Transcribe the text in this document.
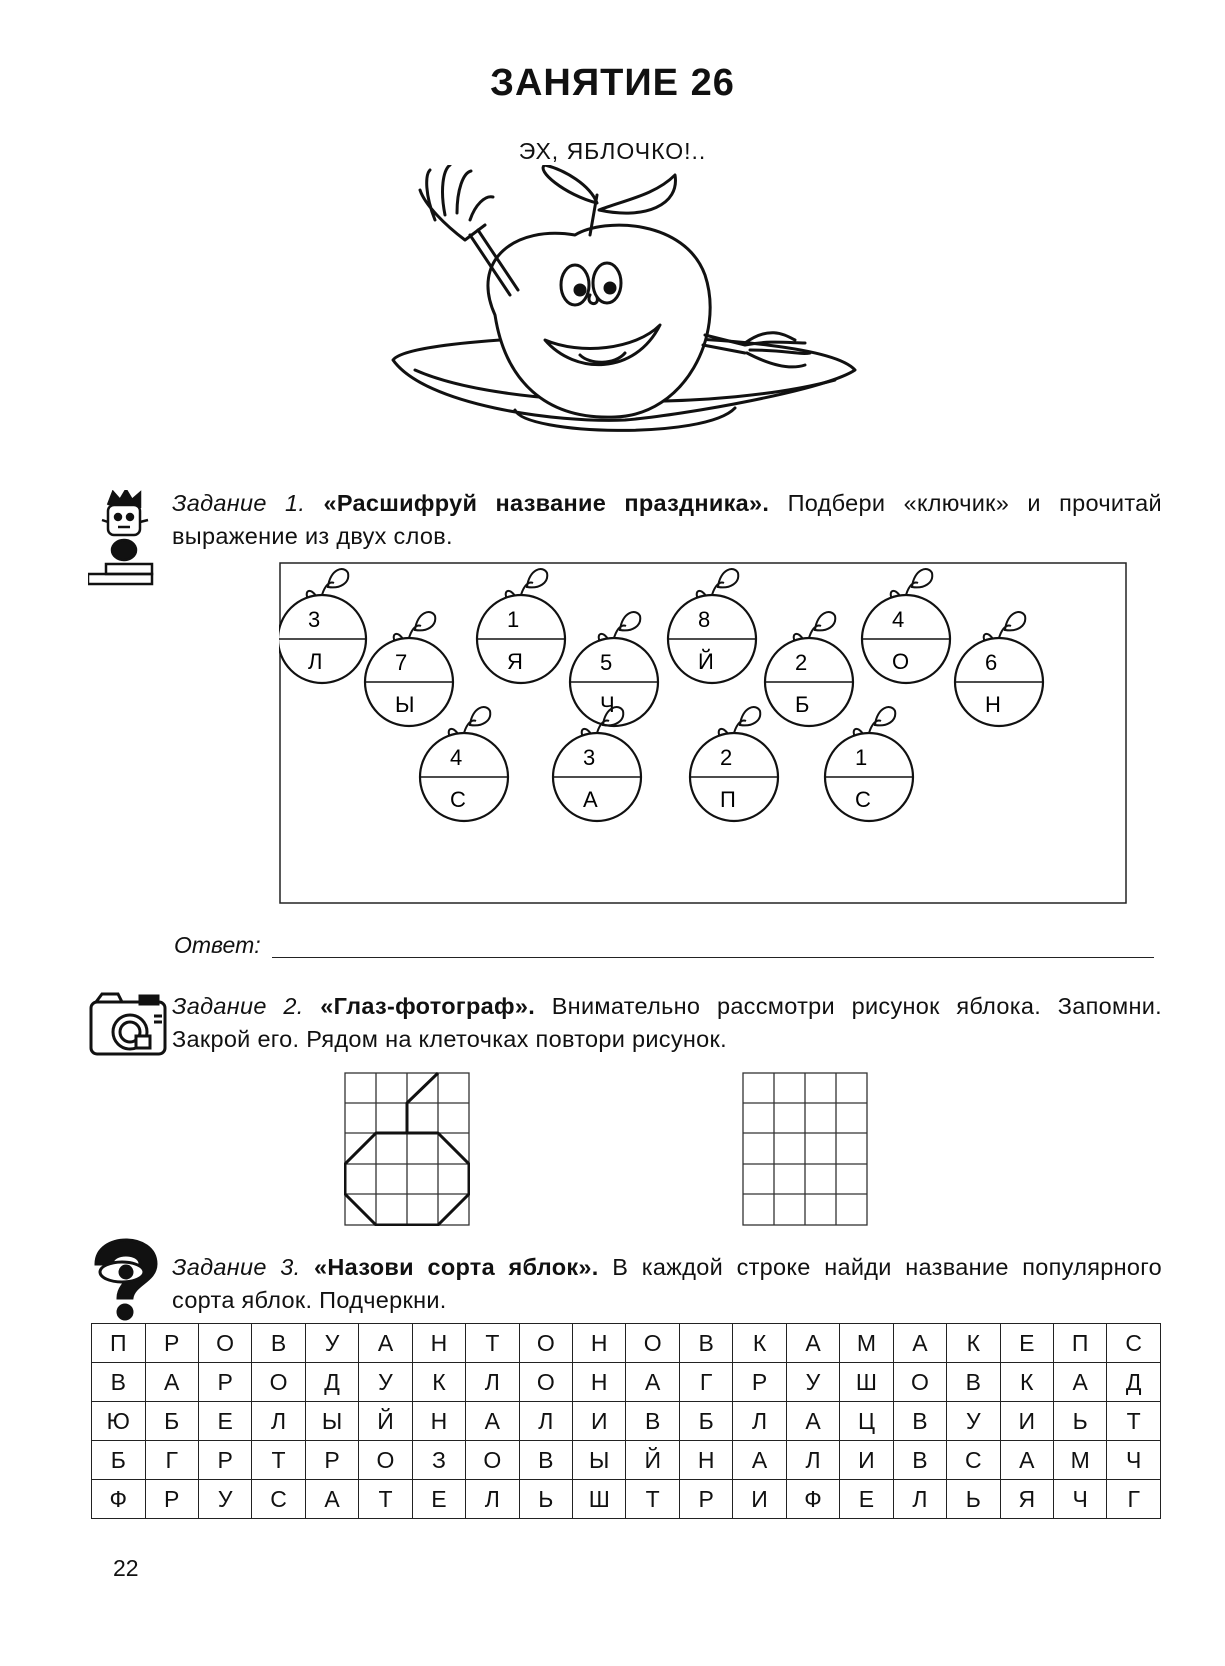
ЗАНЯТИЕ 26
ЭХ, ЯБЛОЧКО!..
Задание 1. «Расшифруй название праздника». Подбери «ключик» и прочитай выражение из двух слов.
3
Л	7
Ы
1
Я	5
Ч
8
Й	2
Б
4
О	6
Н
4
С
3
А
2
П
1
С
Ответ:
Задание 2. «Глаз-фотограф». Внимательно рассмотри рисунок яблока. Запомни. Закрой его. Рядом на клеточках повтори рисунок.
Задание 3. «Назови сорта яблок». В каждой строке найди название популярного сорта яблок. Подчеркни.
П	Р	О	В	У	А	Н	Т	О	Н	О	В	К	А	М	А	К	Е	П	С
В	А	Р	О	Д	У	К	Л	О	Н	А	Г	Р	У	Ш	О	В	К	А	Д
Ю	Б	Е	Л	Ы	Й	Н	А	Л	И	В	Б	Л	А	Ц	В	У	И	Ь	Т
Б	Г	Р	Т	Р	О	З	О	В	Ы	Й	Н	А	Л	И	В	С	А	М	Ч
Ф	Р	У	С	А	Т	Е	Л	Ь	Ш	Т	Р	И	Ф	Е	Л	Ь	Я	Ч	Г
22
